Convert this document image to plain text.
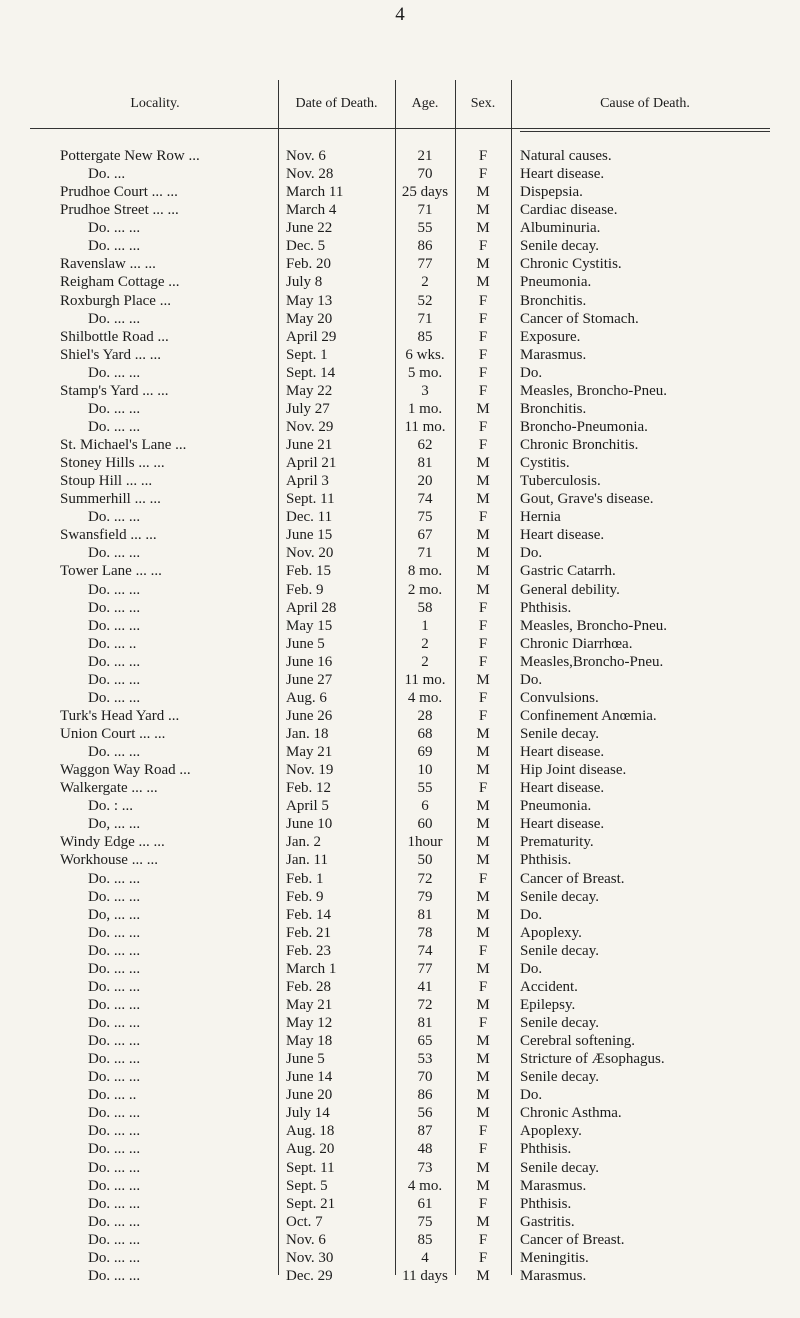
4
Locality.	Date of Death.	Age.	Sex.	Cause of Death.
Pottergate New Row ...	Nov. 6	21	F	Natural causes.
Do. ...	Nov. 28	70	F	Heart disease.
Prudhoe Court ... ...	March 11	25 days	M	Dispepsia.
Prudhoe Street ... ...	March 4	71	M	Cardiac disease.
Do. ... ...	June 22	55	M	Albuminuria.
Do. ... ...	Dec. 5	86	F	Senile decay.
Ravenslaw ... ...	Feb. 20	77	M	Chronic Cystitis.
Reigham Cottage ...	July 8	2	M	Pneumonia.
Roxburgh Place ...	May 13	52	F	Bronchitis.
Do. ... ...	May 20	71	F	Cancer of Stomach.
Shilbottle Road ...	April 29	85	F	Exposure.
Shiel's Yard ... ...	Sept. 1	6 wks.	F	Marasmus.
Do. ... ...	Sept. 14	5 mo.	F	Do.
Stamp's Yard ... ...	May 22	3	F	Measles, Broncho-Pneu.
Do. ... ...	July 27	1 mo.	M	Bronchitis.
Do. ... ...	Nov. 29	11 mo.	F	Broncho-Pneumonia.
St. Michael's Lane ...	June 21	62	F	Chronic Bronchitis.
Stoney Hills ... ...	April 21	81	M	Cystitis.
Stoup Hill ... ...	April 3	20	M	Tuberculosis.
Summerhill ... ...	Sept. 11	74	M	Gout, Grave's disease.
Do. ... ...	Dec. 11	75	F	Hernia
Swansfield ... ...	June 15	67	M	Heart disease.
Do. ... ...	Nov. 20	71	M	Do.
Tower Lane ... ...	Feb. 15	8 mo.	M	Gastric Catarrh.
Do. ... ...	Feb. 9	2 mo.	M	General debility.
Do. ... ...	April 28	58	F	Phthisis.
Do. ... ...	May 15	1	F	Measles, Broncho-Pneu.
Do. ... ..	June 5	2	F	Chronic Diarrhœa.
Do. ... ...	June 16	2	F	Measles,Broncho-Pneu.
Do. ... ...	June 27	11 mo.	M	Do.
Do. ... ...	Aug. 6	4 mo.	F	Convulsions.
Turk's Head Yard ...	June 26	28	F	Confinement Anœmia.
Union Court ... ...	Jan. 18	68	M	Senile decay.
Do. ... ...	May 21	69	M	Heart disease.
Waggon Way Road ...	Nov. 19	10	M	Hip Joint disease.
Walkergate ... ...	Feb. 12	55	F	Heart disease.
Do. : ...	April 5	6	M	Pneumonia.
Do, ... ...	June 10	60	M	Heart disease.
Windy Edge ... ...	Jan. 2	1hour	M	Prematurity.
Workhouse ... ...	Jan. 11	50	M	Phthisis.
Do. ... ...	Feb. 1	72	F	Cancer of Breast.
Do. ... ...	Feb. 9	79	M	Senile decay.
Do, ... ...	Feb. 14	81	M	Do.
Do. ... ...	Feb. 21	78	M	Apoplexy.
Do. ... ...	Feb. 23	74	F	Senile decay.
Do. ... ...	March 1	77	M	Do.
Do. ... ...	Feb. 28	41	F	Accident.
Do. ... ...	May 21	72	M	Epilepsy.
Do. ... ...	May 12	81	F	Senile decay.
Do. ... ...	May 18	65	M	Cerebral softening.
Do. ... ...	June 5	53	M	Stricture of Æsophagus.
Do. ... ...	June 14	70	M	Senile decay.
Do. ... ..	June 20	86	M	Do.
Do. ... ...	July 14	56	M	Chronic Asthma.
Do. ... ...	Aug. 18	87	F	Apoplexy.
Do. ... ...	Aug. 20	48	F	Phthisis.
Do. ... ...	Sept. 11	73	M	Senile decay.
Do. ... ...	Sept. 5	4 mo.	M	Marasmus.
Do. ... ...	Sept. 21	61	F	Phthisis.
Do. ... ...	Oct. 7	75	M	Gastritis.
Do. ... ...	Nov. 6	85	F	Cancer of Breast.
Do. ... ...	Nov. 30	4	F	Meningitis.
Do. ... ...	Dec. 29	11 days	M	Marasmus.
